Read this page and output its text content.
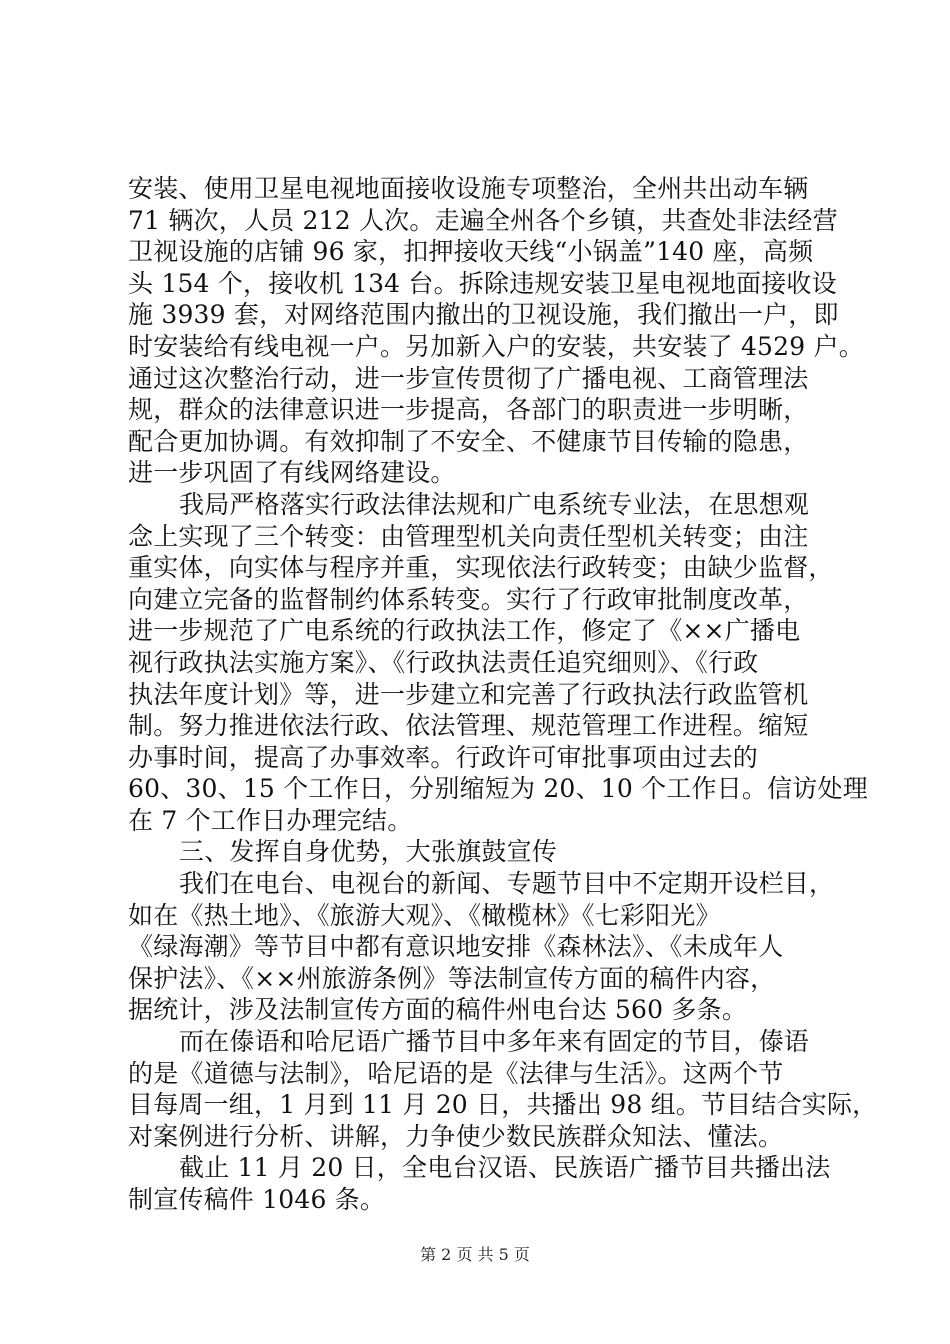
安装、使用卫星电视地面接收设施专项整治，全州共出动车辆
71 辆次，人员 212 人次。走遍全州各个乡镇，共查处非法经营
卫视设施的店铺 96 家，扣押接收天线“小锅盖”140 座，高频
头 154 个，接收机 134 台。拆除违规安装卫星电视地面接收设
施 3939 套，对网络范围内撤出的卫视设施，我们撤出一户，即
时安装给有线电视一户。另加新入户的安装，共安装了 4529 户。
通过这次整治行动，进一步宣传贯彻了广播电视、工商管理法
规，群众的法律意识进一步提高，各部门的职责进一步明晰，
配合更加协调。有效抑制了不安全、不健康节目传输的隐患，
进一步巩固了有线网络建设。
我局严格落实行政法律法规和广电系统专业法，在思想观
念上实现了三个转变：由管理型机关向责任型机关转变；由注
重实体，向实体与程序并重，实现依法行政转变；由缺少监督，
向建立完备的监督制约体系转变。实行了行政审批制度改革，
进一步规范了广电系统的行政执法工作，修定了《××广播电
视行政执法实施方案》、《行政执法责任追究细则》、《行政
执法年度计划》等，进一步建立和完善了行政执法行政监管机
制。努力推进依法行政、依法管理、规范管理工作进程。缩短
办事时间，提高了办事效率。行政许可审批事项由过去的
60、30、15 个工作日，分别缩短为 20、10 个工作日。信访处理
在 7 个工作日办理完结。
三、发挥自身优势，大张旗鼓宣传
我们在电台、电视台的新闻、专题节目中不定期开设栏目，
如在《热土地》、《旅游大观》、《橄榄林》《七彩阳光》
《绿海潮》等节目中都有意识地安排《森林法》、《未成年人
保护法》、《××州旅游条例》等法制宣传方面的稿件内容，
据统计，涉及法制宣传方面的稿件州电台达 560 多条。
而在傣语和哈尼语广播节目中多年来有固定的节目，傣语
的是《道德与法制》，哈尼语的是《法律与生活》。这两个节
目每周一组，1 月到 11 月 20 日，共播出 98 组。节目结合实际，
对案例进行分析、讲解，力争使少数民族群众知法、懂法。
截止 11 月 20 日，全电台汉语、民族语广播节目共播出法
制宣传稿件 1046 条。
第 2 页 共 5 页
